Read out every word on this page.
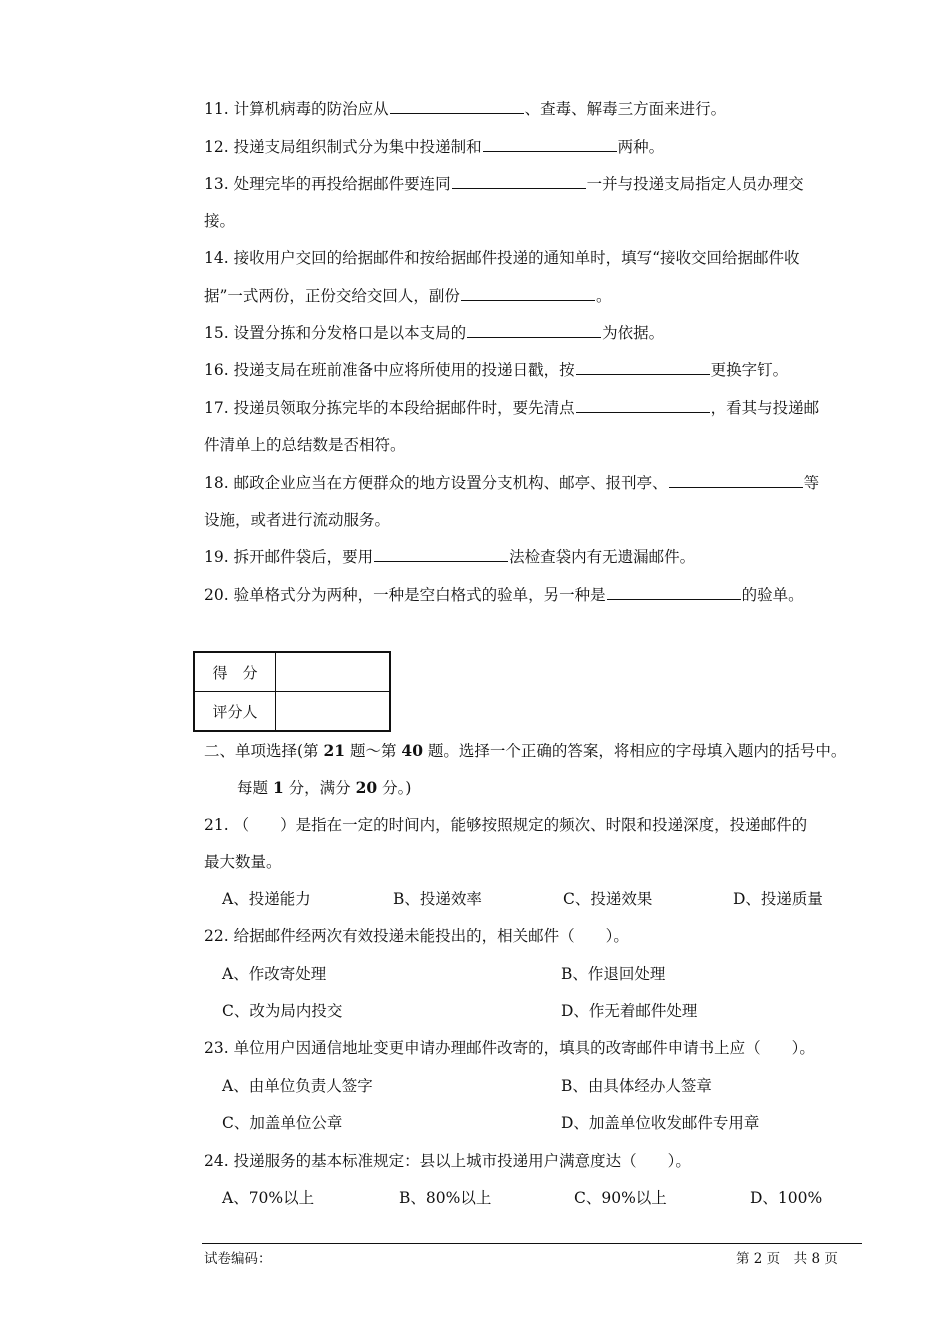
11. 计算机病毒的防治应从	、查毒、解毒三方面来进行。
12. 投递支局组织制式分为集中投递制和	两种。
13. 处理完毕的再投给据邮件要连同	一并与投递支局指定人员办理交
接。
14. 接收用户交回的给据邮件和按给据邮件投递的通知单时，填写“接收交回给据邮件收
据”一式两份，正份交给交回人，副份	。
15. 设置分拣和分发格口是以本支局的	为依据。
16. 投递支局在班前准备中应将所使用的投递日戳，按	更换字钉。
17. 投递员领取分拣完毕的本段给据邮件时，要先清点	，看其与投递邮
件清单上的总结数是否相符。
18. 邮政企业应当在方便群众的地方设置分支机构、邮亭、报刊亭、	等
设施，或者进行流动服务。
19. 拆开邮件袋后，要用	法检查袋内有无遗漏邮件。
20. 验单格式分为两种，一种是空白格式的验单，另一种是	的验单。
得　分	
评分人	
二、单项选择(第 21 题～第 40 题。选择一个正确的答案，将相应的字母填入题内的括号中。
每题 1 分，满分 20 分。)
21. （　　）是指在一定的时间内，能够按照规定的频次、时限和投递深度，投递邮件的
最大数量。
A、投递能力	B、投递效率	C、投递效果	D、投递质量
22. 给据邮件经两次有效投递未能投出的，相关邮件（　　）。
A、作改寄处理	B、作退回处理
C、改为局内投交	D、作无着邮件处理
23. 单位用户因通信地址变更申请办理邮件改寄的，填具的改寄邮件申请书上应（　　）。
A、由单位负责人签字	B、由具体经办人签章
C、加盖单位公章	D、加盖单位收发邮件专用章
24. 投递服务的基本标准规定：县以上城市投递用户满意度达（　　）。
A、70%以上	B、80%以上	C、90%以上	D、100%
试卷编码：	第 2 页　共 8 页
